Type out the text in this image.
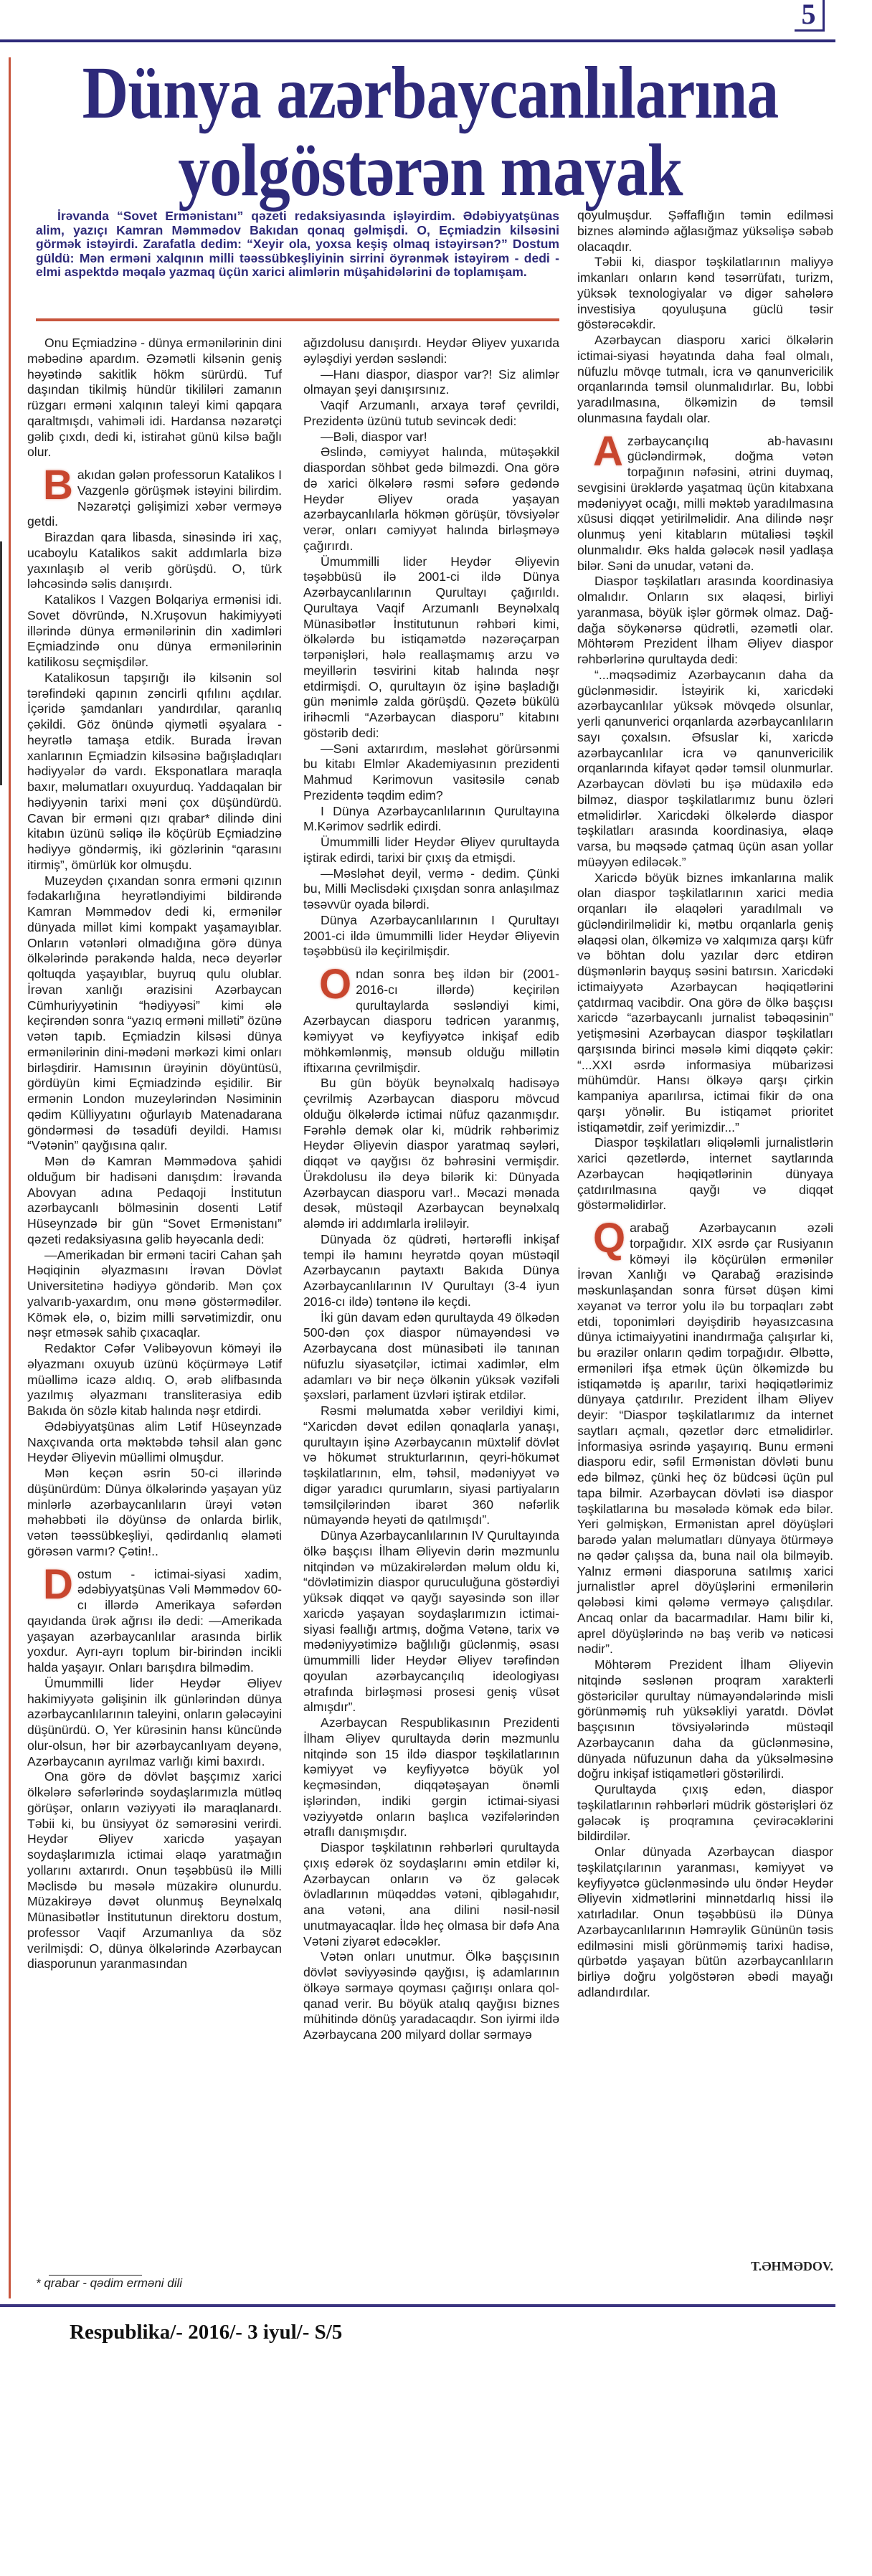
5
Dünya azərbaycanlılarına
yolgöstərən mayak
İrəvanda “Sovet Ermənistanı” qəzeti redaksiyasında işləyirdim. Ədəbiyyatşünas alim, yazıçı Kamran Məmmədov Bakıdan qonaq gəlmişdi. O, Eçmiadzin kilsəsini görmək istəyirdi. Zarafatla dedim: “Xeyir ola, yoxsa keşiş olmaq istəyirsən?” Dostum güldü: Mən erməni xalqının milli təəssübkeşliyinin sirrini öyrənmək istəyirəm - dedi - elmi aspektdə məqalə yazmaq üçün xarici alimlərin müşahidələrini də toplamışam.

Onu Eçmiadzinə - dünya ermənilərinin dini məbədinə apardım. Əzəmətli kilsənin geniş həyətində sakitlik hökm sürürdü. Tuf daşından tikilmiş hündür tikililəri zamanın rüzgarı erməni xalqının taleyi kimi qapqara qaraltmışdı, vahiməli idi. Hardansa nəzarətçi gəlib çıxdı, dedi ki, istirahət günü kilsə bağlı olur.

Bakıdan gələn professorun Katalikos I Vazgenlə görüşmək istəyini bilirdim. Nəzarətçi gəlişimizi xəbər verməyə getdi.

Birazdan qara libasda, sinəsində iri xaç, ucaboylu Katalikos sakit addımlarla bizə yaxınlaşıb əl verib görüşdü. O, türk ləhcəsində səlis danışırdı.

Katalikos I Vazgen Bolqariya ermənisi idi. Sovet dövründə, N.Xruşovun hakimiyyəti illərində dünya ermənilərinin din xadimləri Eçmiadzində onu dünya ermənilərinin katilikosu seçmişdilər.

Katalikosun tapşırığı ilə kilsənin sol tərəfindəki qapının zəncirli qıfılını açdılar. İçəridə şamdanları yandırdılar, qaranlıq çəkildi. Göz önündə qiymətli əşyalara - heyrətlə tamaşa etdik. Burada İrəvan xanlarının Eçmiadzin kilsəsinə bağışladıqları hədiyyələr də vardı. Eksponatlara maraqla baxır, məlumatları oxuyurduq. Yaddaqalan bir hədiyyənin tarixi məni çox düşündürdü. Cavan bir erməni qızı qrabar* dilində dini kitabın üzünü səliqə ilə köçürüb Eçmiadzinə hədiyyə göndərmiş, iki gözlərinin “qarasını itirmiş”, ömürlük kor olmuşdu.

Muzeydən çıxandan sonra erməni qızının fədakarlığına heyrətləndiyimi bildirəndə Kamran Məmmədov dedi ki, ermənilər dünyada millət kimi kompakt yaşamayıblar. Onların vətənləri olmadığına görə dünya ölkələrində pərakəndə halda, necə deyərlər qoltuqda yaşayıblar, buyruq qulu olublar. İrəvan xanlığı ərazisini Azərbaycan Cümhuriyyətinin “hədiyyəsi” kimi ələ keçirəndən sonra “yazıq erməni milləti” özünə vətən tapıb. Eçmiadzin kilsəsi dünya ermənilərinin dini-mədəni mərkəzi kimi onları birləşdirir. Hamısının ürəyinin döyüntüsü, gördüyün kimi Eçmiadzində eşidilir. Bir ermənin London muzeylərindən Nəsiminin qədim Külliyyatını oğurlayıb Matenadarana göndərməsi də təsadüfi deyildi. Hamısı “Vətənin” qayğısına qalır.

Mən də Kamran Məmmədova şahidi olduğum bir hadisəni danışdım: İrəvanda Abovyan adına Pedaqoji İnstitutun azərbaycanlı bölməsinin dosenti Lətif Hüseynzadə bir gün “Sovet Ermənistanı” qəzeti redaksiyasına gəlib həyəcanla dedi:

—Amerikadan bir erməni taciri Cahan şah Həqiqinin əlyazmasını İrəvan Dövlət Universitetinə hədiyyə göndərib. Mən çox yalvarıb-yaxardım, onu mənə göstərmədilər. Kömək elə, o, bizim milli sərvətimizdir, onu nəşr etməsək sahib çıxacaqlar.

Redaktor Cəfər Vəlibəyovun köməyi ilə əlyazmanı oxuyub üzünü köçürməyə Lətif müəllimə icazə aldıq. O, ərəb əlifbasında yazılmış əlyazmanı transliterasiya edib Bakıda ön sözlə kitab halında nəşr etdirdi.

Ədəbiyyatşünas alim Lətif Hüseynzadə Naxçıvanda orta məktəbdə təhsil alan gənc Heydər Əliyevin müəllimi olmuşdur.

Mən keçən əsrin 50-ci illərində düşünürdüm: Dünya ölkələrində yaşayan yüz minlərlə azərbaycanlıların ürəyi vətən məhəbbəti ilə döyünsə də onlarda birlik, vətən təəssübkeşliyi, qədirdanlıq əlaməti görəsən varmı? Çətin!..

Dostum - ictimai-siyasi xadim, ədəbiyyatşünas Vəli Məmmədov 60-cı illərdə Amerikaya səfərdən qayıdanda ürək ağrısı ilə dedi: —Amerikada yaşayan azərbaycanlılar arasında birlik yoxdur. Ayrı-ayrı toplum bir-birindən incikli halda yaşayır. Onları barışdıra bilmədim.

Ümummilli lider Heydər Əliyev hakimiyyətə gəlişinin ilk günlərindən dünya azərbaycanlılarının taleyini, onların gələcəyini düşünürdü. O, Yer kürəsinin hansı küncündə olur-olsun, hər bir azərbaycanlıyam deyənə, Azərbaycanın ayrılmaz varlığı kimi baxırdı.

Ona görə də dövlət başçımız xarici ölkələrə səfərlərində soydaşlarımızla mütləq görüşər, onların vəziyyəti ilə maraqlanardı. Təbii ki, bu ünsiyyət öz səmərəsini verirdi. Heydər Əliyev xaricdə yaşayan soydaşlarımızla ictimai əlaqə yaratmağın yollarını axtarırdı. Onun təşəbbüsü ilə Milli Məclisdə bu məsələ müzakirə olunurdu. Müzakirəyə dəvət olunmuş Beynəlxalq Münasibətlər İnstitutunun direktoru dostum, professor Vaqif Arzumanlıya da söz verilmişdi: O, dünya ölkələrində Azərbaycan diasporunun yaranmasından

ağızdolusu danışırdı. Heydər Əliyev yuxarıda əyləşdiyi yerdən səsləndi:

—Hanı diaspor, diaspor var?! Siz alimlər olmayan şeyi danışırsınız.

Vaqif Arzumanlı, arxaya tərəf çevrildi, Prezidentə üzünü tutub sevincək dedi:

—Bəli, diaspor var!

Əslində, cəmiyyət halında, mütəşəkkil diaspordan söhbət gedə bilməzdi. Ona görə də xarici ölkələrə rəsmi səfərə gedəndə Heydər Əliyev orada yaşayan azərbaycanlılarla hökmən görüşür, tövsiyələr verər, onları cəmiyyət halında birləşməyə çağırırdı.

Ümummilli lider Heydər Əliyevin təşəbbüsü ilə 2001-ci ildə Dünya Azərbaycanlılarının Qurultayı çağırıldı. Qurultaya Vaqif Arzumanlı Beynəlxalq Münasibətlər İnstitutunun rəhbəri kimi, ölkələrdə bu istiqamətdə nəzərəçarpan tərpənişləri, hələ reallaşmamış arzu və meyillərin təsvirini kitab halında nəşr etdirmişdi. O, qurultayın öz işinə başladığı gün mənimlə zalda görüşdü. Qəzetə bükülü irihəcmli “Azərbaycan diasporu” kitabını göstərib dedi:

—Səni axtarırdım, məsləhət görürsənmi bu kitabı Elmlər Akademiyasının prezidenti Mahmud Kərimovun vasitəsilə cənab Prezidentə təqdim edim?

I Dünya Azərbaycanlılarının Qurultayına M.Kərimov sədrlik edirdi.

Ümummilli lider Heydər Əliyev qurultayda iştirak edirdi, tarixi bir çıxış da etmişdi.

—Məsləhət deyil, vermə - dedim. Çünki bu, Milli Məclisdəki çıxışdan sonra anlaşılmaz təsəvvür oyada bilərdi.

Dünya Azərbaycanlılarının I Qurultayı 2001-ci ildə ümummilli lider Heydər Əliyevin təşəbbüsü ilə keçirilmişdir.

Ondan sonra beş ildən bir (2001-2016-cı illərdə) keçirilən qurultaylarda səsləndiyi kimi, Azərbaycan diasporu tədricən yaranmış, kəmiyyət və keyfiyyətcə inkişaf edib möhkəmlənmiş, mənsub olduğu millətin iftixarına çevrilmişdir.

Bu gün böyük beynəlxalq hadisəyə çevrilmiş Azərbaycan diasporu mövcud olduğu ölkələrdə ictimai nüfuz qazanmışdır. Fərəhlə demək olar ki, müdrik rəhbərimiz Heydər Əliyevin diaspor yaratmaq səyləri, diqqət və qayğısı öz bəhrəsini vermişdir. Ürəkdolusu ilə deyə bilərik ki: Dünyada Azərbaycan diasporu var!.. Məcazi mənada desək, müstəqil Azərbaycan beynəlxalq aləmdə iri addımlarla irəliləyir.

Dünyada öz qüdrəti, hərtərəfli inkişaf tempi ilə hamını heyrətdə qoyan müstəqil Azərbaycanın paytaxtı Bakıda Dünya Azərbaycanlılarının IV Qurultayı (3-4 iyun 2016-cı ildə) təntənə ilə keçdi.

İki gün davam edən qurultayda 49 ölkədən 500-dən çox diaspor nümayəndəsi və Azərbaycana dost münasibəti ilə tanınan nüfuzlu siyasətçilər, ictimai xadimlər, elm adamları və bir neçə ölkənin yüksək vəzifəli şəxsləri, parlament üzvləri iştirak etdilər.

Rəsmi məlumatda xəbər verildiyi kimi, “Xaricdən dəvət edilən qonaqlarla yanaşı, qurultayın işinə Azərbaycanın müxtəlif dövlət və hökumət strukturlarının, qeyri-hökumət təşkilatlarının, elm, təhsil, mədəniyyət və digər yaradıcı qurumların, siyasi partiyaların təmsilçilərindən ibarət 360 nəfərlik nümayəndə heyəti də qatılmışdı”.

Dünya Azərbaycanlılarının IV Qurultayında ölkə başçısı İlham Əliyevin dərin məzmunlu nitqindən və müzakirələrdən məlum oldu ki, “dövlətimizin diaspor quruculuğuna göstərdiyi yüksək diqqət və qayğı sayəsində son illər xaricdə yaşayan soydaşlarımızın ictimai-siyasi fəallığı artmış, doğma Vətənə, tarix və mədəniyyətimizə bağlılığı güclənmiş, əsası ümummilli lider Heydər Əliyev tərəfindən qoyulan azərbaycançılıq ideologiyası ətrafında birləşməsi prosesi geniş vüsət almışdır”.

Azərbaycan Respublikasının Prezidenti İlham Əliyev qurultayda dərin məzmunlu nitqində son 15 ildə diaspor təşkilatlarının kəmiyyət və keyfiyyətcə böyük yol keçməsindən, diqqətəşayan önəmli işlərindən, indiki gərgin ictimai-siyasi vəziyyətdə onların başlıca vəzifələrindən ətraflı danışmışdır.

Diaspor təşkilatının rəhbərləri qurultayda çıxış edərək öz soydaşlarını əmin etdilər ki, Azərbaycan onların və öz gələcək övladlarının müqəddəs vətəni, qibləgahıdır, ana vətəni, ana dilini nəsil-nəsil unutmayacaqlar. İldə heç olmasa bir dəfə Ana Vətəni ziyarət edəcəklər.

Vətən onları unutmur. Ölkə başçısının dövlət səviyyəsində qayğısı, iş adamlarının ölkəyə sərmayə qoyması çağırışı onlara qol-qanad verir. Bu böyük atalıq qayğısı biznes mühitində dönüş yaradacaqdır. Son iyirmi ildə Azərbaycana 200 milyard dollar sərmayə

qoyulmuşdur. Şəffaflığın təmin edilməsi biznes aləmində ağlasığmaz yüksəlişə səbəb olacaqdır.

Təbii ki, diaspor təşkilatlarının maliyyə imkanları onların kənd təsərrüfatı, turizm, yüksək texnologiyalar və digər sahələrə investisiya qoyuluşuna güclü təsir göstərəcəkdir.

Azərbaycan diasporu xarici ölkələrin ictimai-siyasi həyatında daha fəal olmalı, nüfuzlu mövqe tutmalı, icra və qanunvericilik orqanlarında təmsil olunmalıdırlar. Bu, lobbi yaradılmasına, ölkəmizin də təmsil olunmasına faydalı olar.

Azərbaycançılıq ab-havasını gücləndirmək, doğma vətən torpağının nəfəsini, ətrini duymaq, sevgisini ürəklərdə yaşatmaq üçün kitabxana mədəniyyət ocağı, milli məktəb yaradılmasına xüsusi diqqət yetirilməlidir. Ana dilində nəşr olunmuş yeni kitabların mütaliəsi təşkil olunmalıdır. Əks halda gələcək nəsil yadlaşa bilər. Səni də unudar, vətəni də.

Diaspor təşkilatları arasında koordinasiya olmalıdır. Onların sıx əlaqəsi, birliyi yaranmasa, böyük işlər görmək olmaz. Dağ-dağa söykənərsə qüdrətli, əzəmətli olar. Möhtərəm Prezident İlham Əliyev diaspor rəhbərlərinə qurultayda dedi:

“...məqsədimiz Azərbaycanın daha da güclənməsidir. İstəyirik ki, xaricdəki azərbaycanlılar yüksək mövqedə olsunlar, yerli qanunverici orqanlarda azərbaycanlıların sayı çoxalsın. Əfsuslar ki, xaricdə azərbaycanlılar icra və qanunvericilik orqanlarında kifayət qədər təmsil olunmurlar. Azərbaycan dövləti bu işə müdaxilə edə bilməz, diaspor təşkilatlarımız bunu özləri etməlidirlər. Xaricdəki ölkələrdə diaspor təşkilatları arasında koordinasiya, əlaqə varsa, bu məqsədə çatmaq üçün asan yollar müəyyən ediləcək.”

Xaricdə böyük biznes imkanlarına malik olan diaspor təşkilatlarının xarici media orqanları ilə əlaqələri yaradılmalı və gücləndirilməlidir ki, mətbu orqanlarla geniş əlaqəsi olan, ölkəmizə və xalqımıza qarşı küfr və böhtan dolu yazılar dərc etdirən düşmənlərin bayquş səsini batırsın. Xaricdəki ictimaiyyətə Azərbaycan həqiqətlərini çatdırmaq vacibdir. Ona görə də ölkə başçısı xaricdə “azərbaycanlı jurnalist təbəqəsinin” yetişməsini Azərbaycan diaspor təşkilatları qarşısında birinci məsələ kimi diqqətə çəkir: “...XXI əsrdə informasiya mübarizəsi mühümdür. Hansı ölkəyə qarşı çirkin kampaniya aparılırsa, ictimai fikir də ona qarşı yönəlir. Bu istiqamət prioritet istiqamətdir, zəif yerimizdir...”

Diaspor təşkilatları əliqələmli jurnalistlərin xarici qəzetlərdə, internet saytlarında Azərbaycan həqiqətlərinin dünyaya çatdırılmasına qayğı və diqqət göstərməlidirlər.

Qarabağ Azərbaycanın əzəli torpağıdır. XIX əsrdə çar Rusiyanın köməyi ilə köçürülən ermənilər İrəvan Xanlığı və Qarabağ ərazisində məskunlaşandan sonra fürsət düşən kimi xəyanət və terror yolu ilə bu torpaqları zəbt etdi, toponimləri dəyişdirib həyasızcasına dünya ictimaiyyətini inandırmağa çalışırlar ki, bu ərazilər onların qədim torpağıdır. Əlbəttə, erməniləri ifşa etmək üçün ölkəmizdə bu istiqamətdə iş aparılır, tarixi həqiqətlərimiz dünyaya çatdırılır. Prezident İlham Əliyev deyir: “Diaspor təşkilatlarımız da internet saytları açmalı, qəzetlər dərc etməlidirlər. İnformasiya əsrində yaşayırıq. Bunu erməni diasporu edir, səfil Ermənistan dövləti bunu edə bilməz, çünki heç öz büdcəsi üçün pul tapa bilmir. Azərbaycan dövləti isə diaspor təşkilatlarına bu məsələdə kömək edə bilər. Yeri gəlmişkən, Ermənistan aprel döyüşləri barədə yalan məlumatları dünyaya ötürməyə nə qədər çalışsa da, buna nail ola bilməyib. Yalnız erməni diasporuna satılmış xarici jurnalistlər aprel döyüşlərini ermənilərin qələbəsi kimi qələmə verməyə çalışdılar. Ancaq onlar da bacarmadılar. Hamı bilir ki, aprel döyüşlərində nə baş verib və nəticəsi nədir”.

Möhtərəm Prezident İlham Əliyevin nitqində səslənən proqram xarakterli göstəricilər qurultay nümayəndələrində misli görünməmiş ruh yüksəkliyi yaratdı. Dövlət başçısının tövsiyələrində müstəqil Azərbaycanın daha da güclənməsinə, dünyada nüfuzunun daha da yüksəlməsinə doğru inkişaf istiqamətləri göstərilirdi.

Qurultayda çıxış edən, diaspor təşkilatlarının rəhbərləri müdrik göstərişləri öz gələcək iş proqramına çevirəcəklərini bildirdilər.

Onlar dünyada Azərbaycan diaspor təşkilatçılarının yaranması, kəmiyyət və keyfiyyətcə güclənməsində ulu öndər Heydər Əliyevin xidmətlərini minnətdarlıq hissi ilə xatırladılar. Onun təşəbbüsü ilə Dünya Azərbaycanlılarının Həmrəylik Gününün təsis edilməsini misli görünməmiş tarixi hadisə, qürbətdə yaşayan bütün azərbaycanlıların birliyə doğru yolgöstərən əbədi mayağı adlandırdılar.

* qrabar - qədim erməni dili
T.ƏHMƏDOV.
Respublika/- 2016/- 3 iyul/- S/5
